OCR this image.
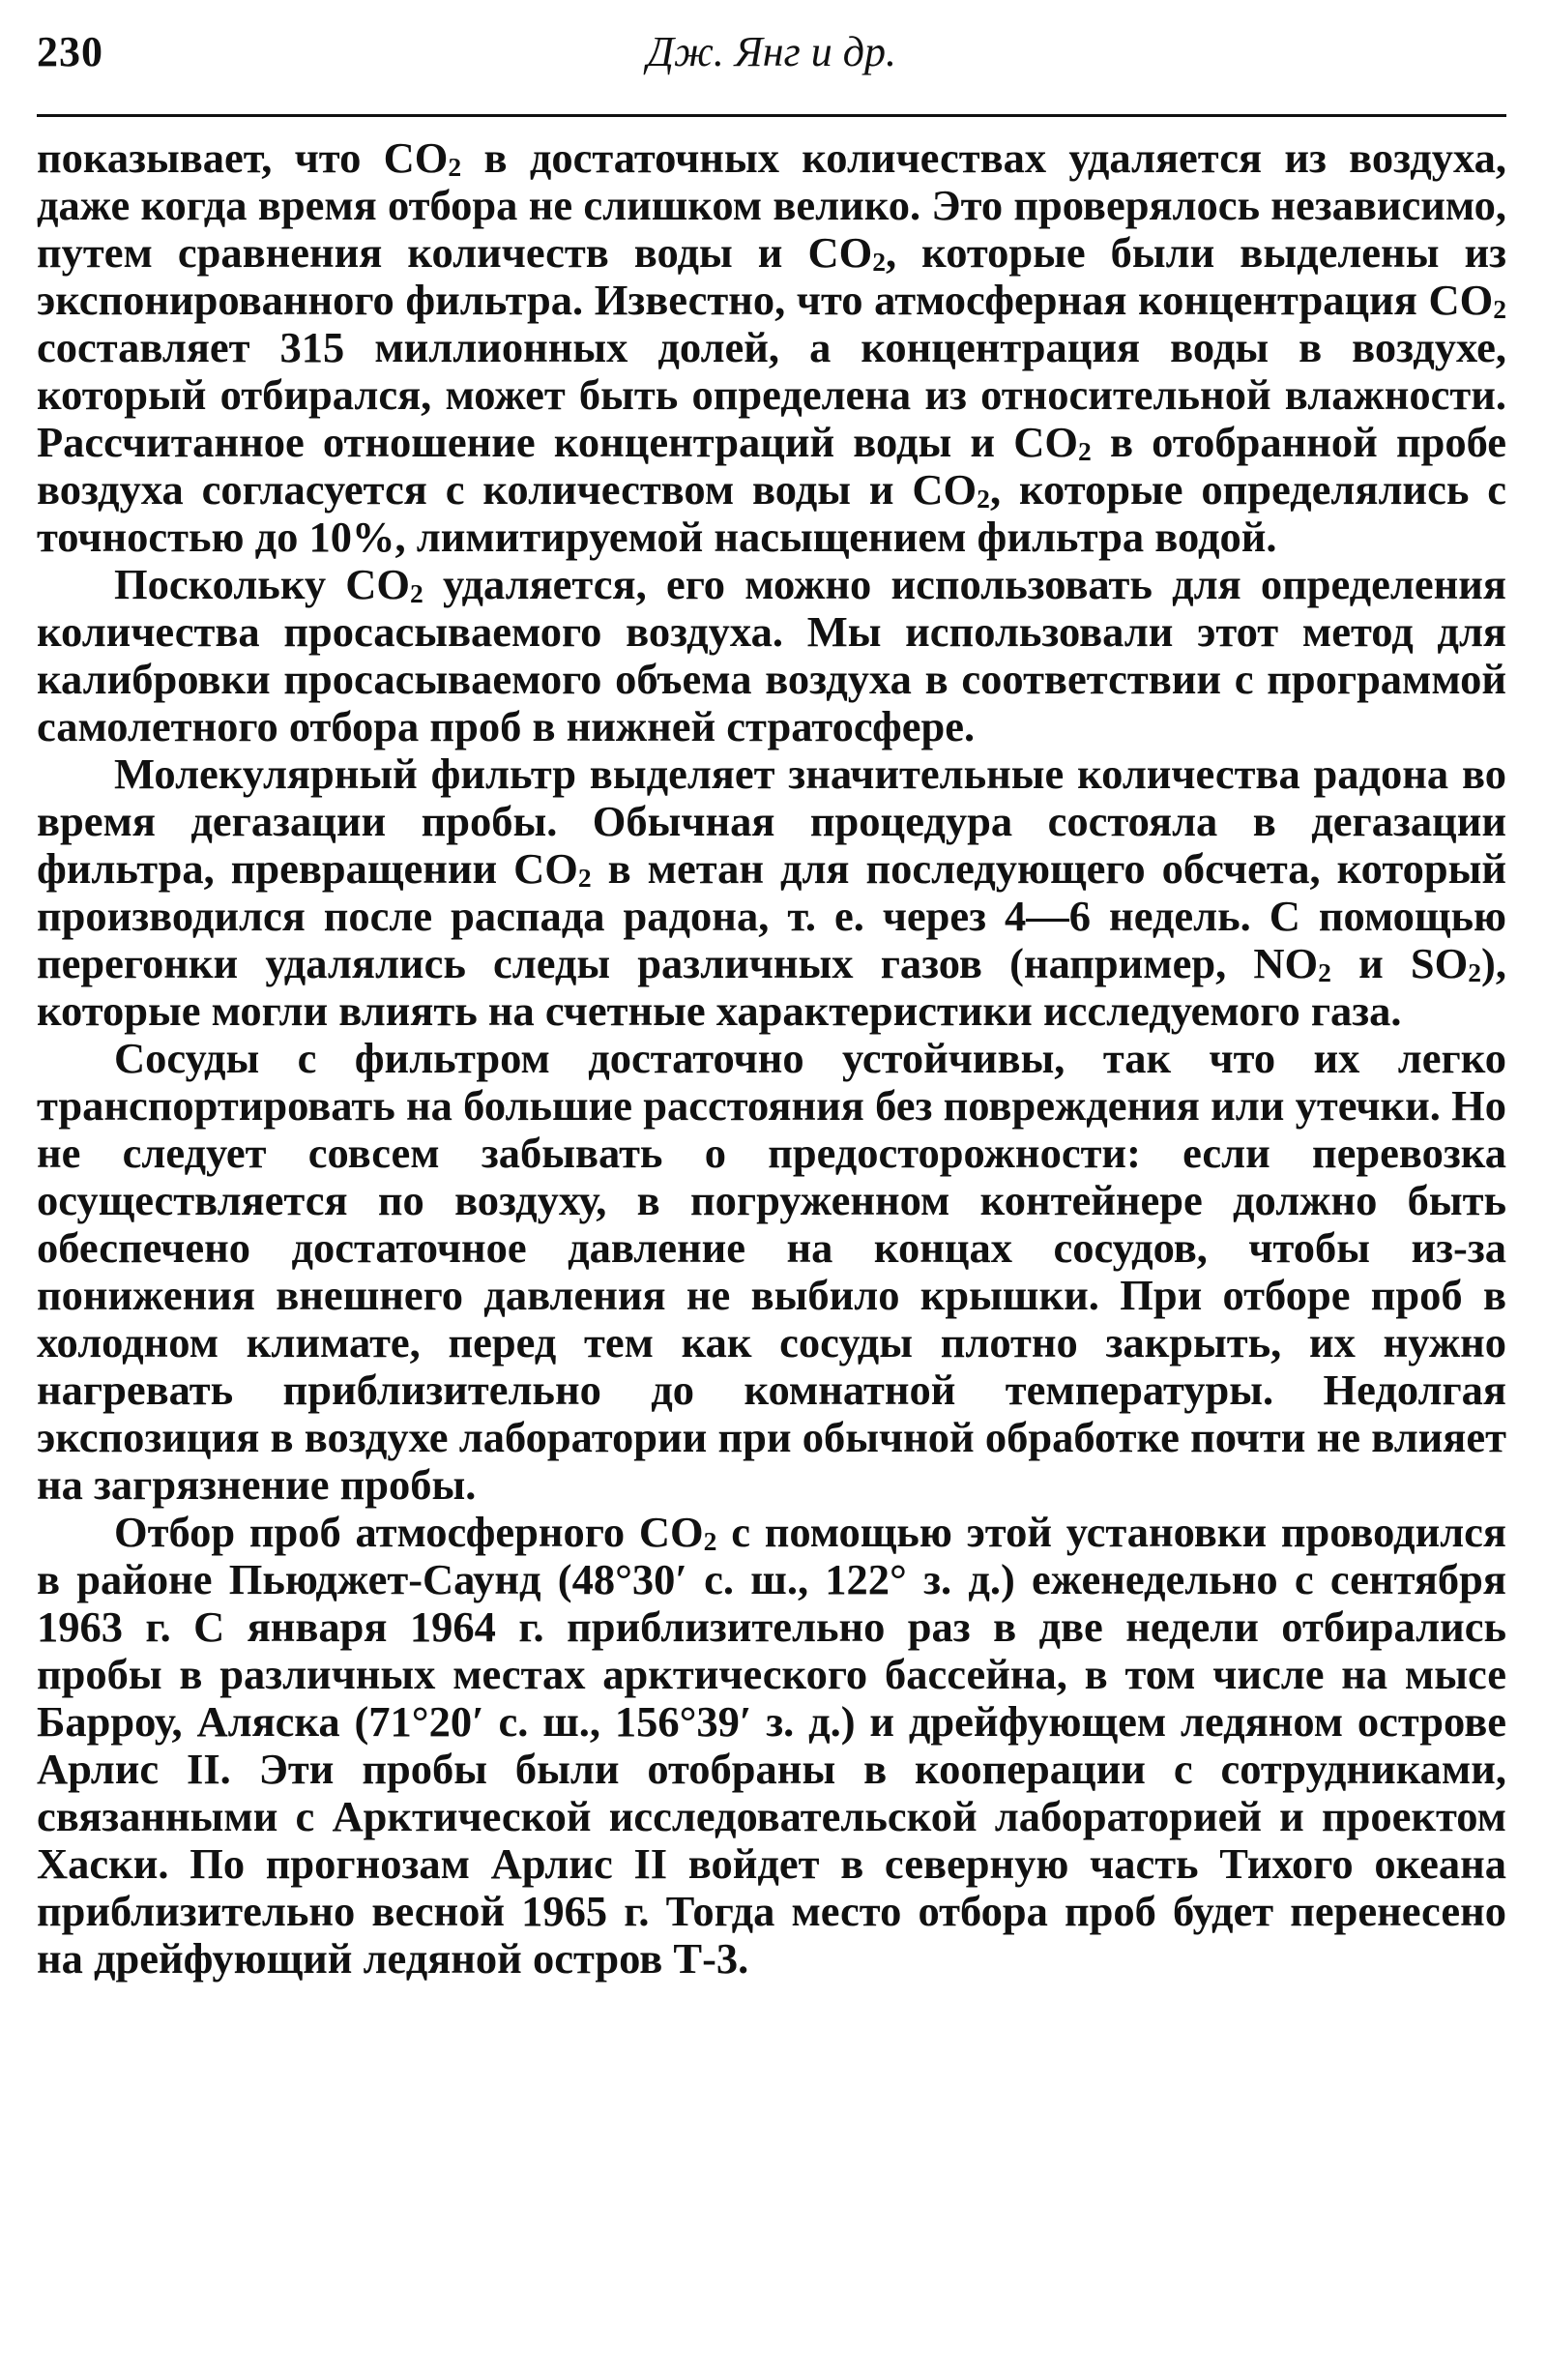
230	Дж. Янг и др.

показывает, что $CO_2$ в достаточных количествах удаляется из воздуха, даже когда время отбора не слишком велико. Это проверялось независимо, путем сравнения количеств воды и $CO_2$, которые были выделены из экспонированного фильтра. Известно, что атмосферная концентрация $CO_2$ составляет 315 миллионных долей, а концентрация воды в воздухе, который отбирался, может быть определена из относительной влажности. Рассчитанное отношение концентраций воды и $CO_2$ в отобранной пробе воздуха согласуется с количеством воды и $CO_2$, которые определялись с точностью до 10%, лимитируемой насыщением фильтра водой.

Поскольку $CO_2$ удаляется, его можно использовать для определения количества просасываемого воздуха. Мы использовали этот метод для калибровки просасываемого объема воздуха в соответствии с программой самолетного отбора проб в нижней стратосфере.

Молекулярный фильтр выделяет значительные количества радона во время дегазации пробы. Обычная процедура состояла в дегазации фильтра, превращении $CO_2$ в метан для последующего обсчета, который производился после распада радона, т. е. через 4—6 недель. С помощью перегонки удалялись следы различных газов (например, $NO_2$ и $SO_2$), которые могли влиять на счетные характеристики исследуемого газа.

Сосуды с фильтром достаточно устойчивы, так что их легко транспортировать на большие расстояния без повреждения или утечки. Но не следует совсем забывать о предосторожности: если перевозка осуществляется по воздуху, в погруженном контейнере должно быть обеспечено достаточное давление на концах сосудов, чтобы из-за понижения внешнего давления не выбило крышки. При отборе проб в холодном климате, перед тем как сосуды плотно закрыть, их нужно нагревать приблизительно до комнатной температуры. Недолгая экспозиция в воздухе лаборатории при обычной обработке почти не влияет на загрязнение пробы.

Отбор проб атмосферного $CO_2$ с помощью этой установки проводился в районе Пьюджет-Саунд (48°30′ с. ш., 122° з. д.) еженедельно с сентября 1963 г. С января 1964 г. приблизительно раз в две недели отбирались пробы в различных местах арктического бассейна, в том числе на мысе Барроу, Аляска (71°20′ с. ш., 156°39′ з. д.) и дрейфующем ледяном острове Арлис II. Эти пробы были отобраны в кооперации с сотрудниками, связанными с Арктической исследовательской лабораторией и проектом Хаски. По прогнозам Арлис II войдет в северную часть Тихого океана приблизительно весной 1965 г. Тогда место отбора проб будет перенесено на дрейфующий ледяной остров Т-3.
